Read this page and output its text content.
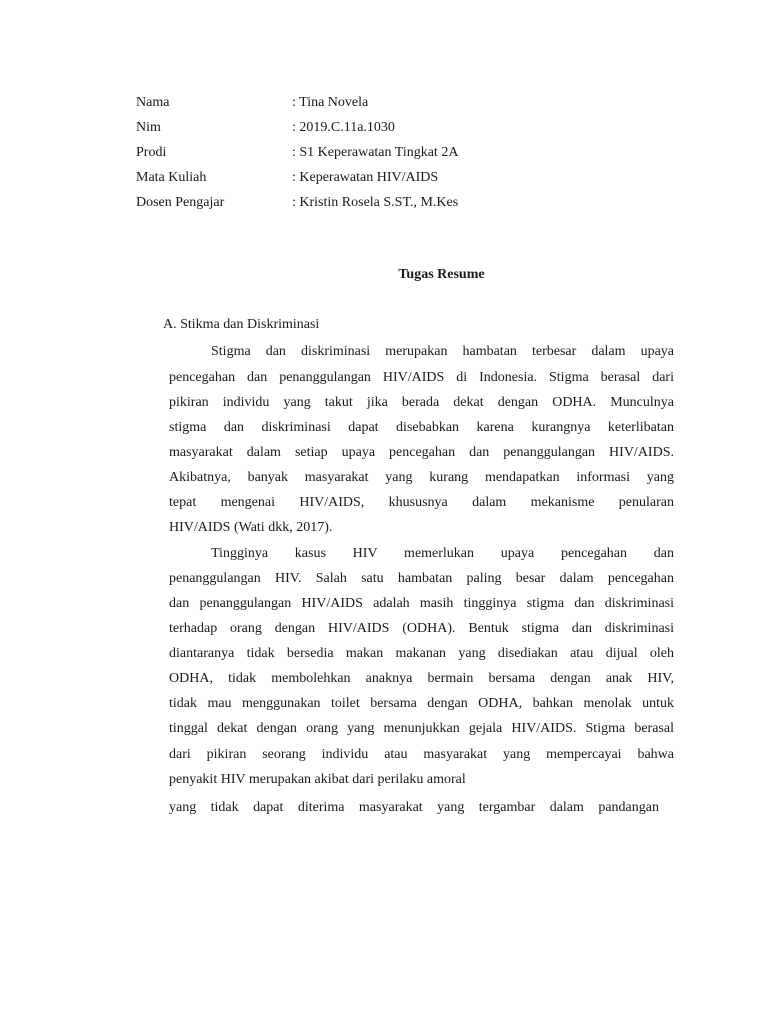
Nama	: Tina Novela
Nim	: 2019.C.11a.1030
Prodi	: S1 Keperawatan Tingkat 2A
Mata Kuliah	: Keperawatan HIV/AIDS
Dosen Pengajar	: Kristin Rosela S.ST., M.Kes
Tugas Resume
A. Stikma dan Diskriminasi
Stigma dan diskriminasi merupakan hambatan terbesar dalam upaya
pencegahan dan penanggulangan HIV/AIDS di Indonesia. Stigma berasal dari
pikiran individu yang takut jika berada dekat dengan ODHA. Munculnya
stigma dan diskriminasi dapat disebabkan karena kurangnya keterlibatan
masyarakat dalam setiap upaya pencegahan dan penanggulangan HIV/AIDS.
Akibatnya, banyak masyarakat yang kurang mendapatkan informasi yang
tepat mengenai HIV/AIDS, khususnya dalam mekanisme penularan
HIV/AIDS (Wati dkk, 2017).
Tingginya kasus HIV memerlukan upaya pencegahan dan
penanggulangan HIV. Salah satu hambatan paling besar dalam pencegahan
dan penanggulangan HIV/AIDS adalah masih tingginya stigma dan diskriminasi
terhadap orang dengan HIV/AIDS (ODHA). Bentuk stigma dan diskriminasi
diantaranya tidak bersedia makan makanan yang disediakan atau dijual oleh
ODHA, tidak membolehkan anaknya bermain bersama dengan anak HIV,
tidak mau menggunakan toilet bersama dengan ODHA, bahkan menolak untuk
tinggal dekat dengan orang yang menunjukkan gejala HIV/AIDS. Stigma berasal
dari pikiran seorang individu atau masyarakat yang mempercayai bahwa
penyakit HIV merupakan akibat dari perilaku amoral
yang tidak dapat diterima masyarakat yang tergambar dalam pandangan
